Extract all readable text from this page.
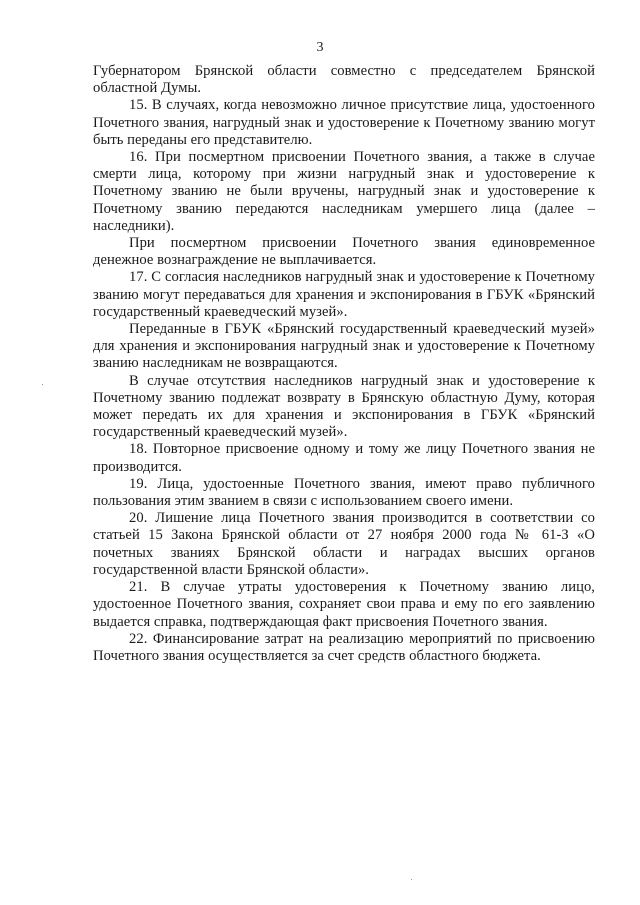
3

Губернатором Брянской области совместно с председателем Брянской областной Думы.

15. В случаях, когда невозможно личное присутствие лица, удостоенного Почетного звания, нагрудный знак и удостоверение к Почетному званию могут быть переданы его представителю.

16. При посмертном присвоении Почетного звания, а также в случае смерти лица, которому при жизни нагрудный знак и удостоверение к Почетному званию не были вручены, нагрудный знак и удостоверение к Почетному званию передаются наследникам умершего лица (далее – наследники).

При посмертном присвоении Почетного звания единовременное денежное вознаграждение не выплачивается.

17. С согласия наследников нагрудный знак и удостоверение к Почетному званию могут передаваться для хранения и экспонирования в ГБУК «Брянский государственный краеведческий музей».

Переданные в ГБУК «Брянский государственный краеведческий музей» для хранения и экспонирования нагрудный знак и удостоверение к Почетному званию наследникам не возвращаются.

В случае отсутствия наследников нагрудный знак и удостоверение к Почетному званию подлежат возврату в Брянскую областную Думу, которая может передать их для хранения и экспонирования в ГБУК «Брянский государственный краеведческий музей».

18. Повторное присвоение одному и тому же лицу Почетного звания не производится.

19. Лица, удостоенные Почетного звания, имеют право публичного пользования этим званием в связи с использованием своего имени.

20. Лишение лица Почетного звания производится в соответствии со статьей 15 Закона Брянской области от 27 ноября 2000 года № 61-З «О почетных званиях Брянской области и наградах высших органов государственной власти Брянской области».

21. В случае утраты удостоверения к Почетному званию лицо, удостоенное Почетного звания, сохраняет свои права и ему по его заявлению выдается справка, подтверждающая факт присвоения Почетного звания.

22. Финансирование затрат на реализацию мероприятий по присвоению Почетного звания осуществляется за счет средств областного бюджета.
